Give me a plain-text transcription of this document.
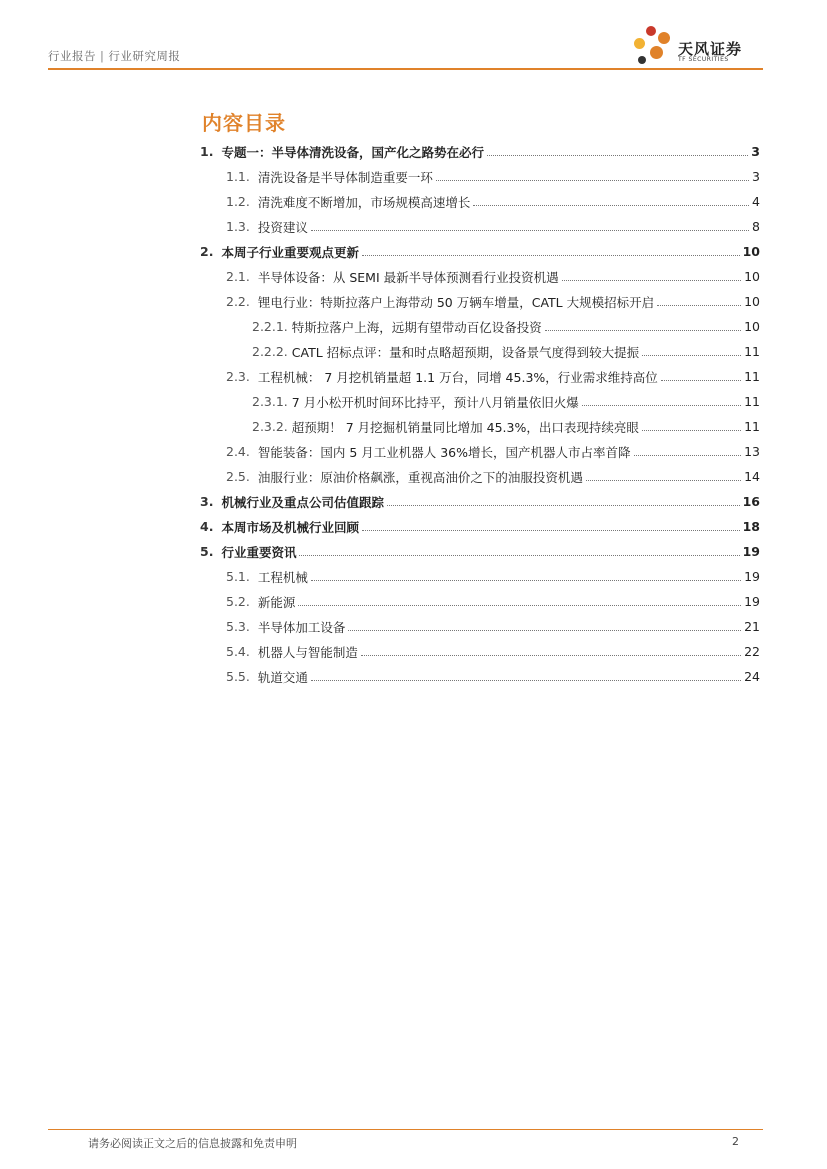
行业报告 | 行业研究周报	天风证券
TF SECURITIES
内容目录
1. 专题一：半导体清洗设备，国产化之路势在必行	3
1.1. 清洗设备是半导体制造重要一环	3
1.2. 清洗难度不断增加，市场规模高速增长	4
1.3. 投资建议	8
2. 本周子行业重要观点更新	10
2.1. 半导体设备：从 SEMI 最新半导体预测看行业投资机遇	10
2.2. 锂电行业：特斯拉落户上海带动 50 万辆车增量，CATL 大规模招标开启	10
2.2.1. 特斯拉落户上海，远期有望带动百亿设备投资	10
2.2.2. CATL 招标点评：量和时点略超预期，设备景气度得到较大提振	11
2.3. 工程机械： 7 月挖机销量超 1.1 万台，同增 45.3%，行业需求维持高位	11
2.3.1. 7 月小松开机时间环比持平，预计八月销量依旧火爆	11
2.3.2. 超预期！ 7 月挖掘机销量同比增加 45.3%，出口表现持续亮眼	11
2.4. 智能装备：国内 5 月工业机器人 36%增长，国产机器人市占率首降	13
2.5. 油服行业：原油价格飙涨，重视高油价之下的油服投资机遇	14
3. 机械行业及重点公司估值跟踪	16
4. 本周市场及机械行业回顾	18
5. 行业重要资讯	19
5.1. 工程机械	19
5.2. 新能源	19
5.3. 半导体加工设备	21
5.4. 机器人与智能制造	22
5.5. 轨道交通	24
请务必阅读正文之后的信息披露和免责申明	2
